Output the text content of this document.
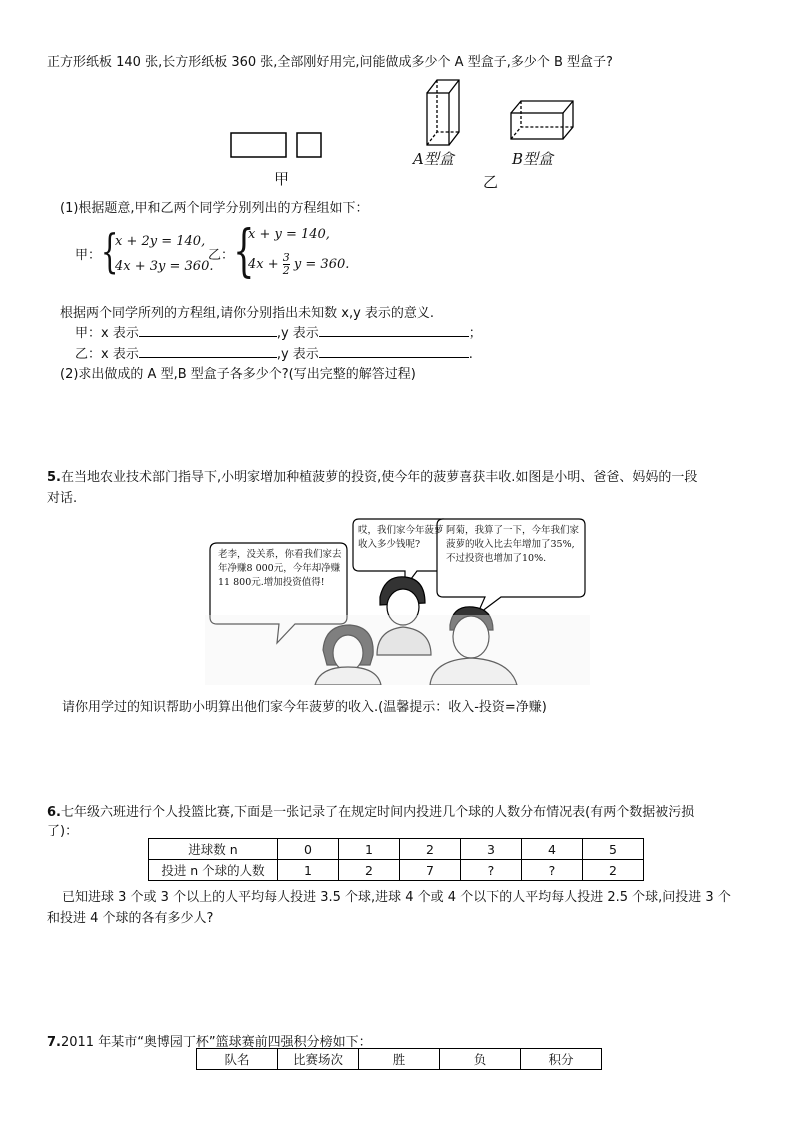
正方形纸板 140 张,长方形纸板 360 张,全部刚好用完,问能做成多少个 A 型盒子,多少个 B 型盒子?
甲
A型盒	B型盒
乙
(1)根据题意,甲和乙两个同学分别列出的方程组如下：
甲： {
x + 2y = 140,
4x + 3y = 360.
乙： {
x + y = 140,
$4x + \frac{3}{2}$ y = 360.
根据两个同学所列的方程组,请你分别指出未知数 x,y 表示的意义.
甲：x 表示	,y 表示	；
乙：x 表示	,y 表示	.
(2)求出做成的 A 型,B 型盒子各多少个?(写出完整的解答过程)
5.在当地农业技术部门指导下,小明家增加种植菠萝的投资,使今年的菠萝喜获丰收.如图是小明、爸爸、妈妈的一段
对话.
老李，没关系，你看我们家去年净赚8 000元，今年却净赚11 800元.增加投资值得!
哎，我们家今年菠萝收入多少钱呢?
阿菊，我算了一下，今年我们家菠萝的收入比去年增加了35%,不过投资也增加了10%.
请你用学过的知识帮助小明算出他们家今年菠萝的收入.(温馨提示：收入-投资=净赚)
6.七年级六班进行个人投篮比赛,下面是一张记录了在规定时间内投进几个球的人数分布情况表(有两个数据被污损
了)：
进球数 n	0	1	2	3	4	5
投进 n 个球的人数	1	2	7	?	?	2
已知进球 3 个或 3 个以上的人平均每人投进 3.5 个球,进球 4 个或 4 个以下的人平均每人投进 2.5 个球,问投进 3 个
和投进 4 个球的各有多少人?
7.2011 年某市“奥博园丁杯”篮球赛前四强积分榜如下：
队名	比赛场次	胜	负	积分
